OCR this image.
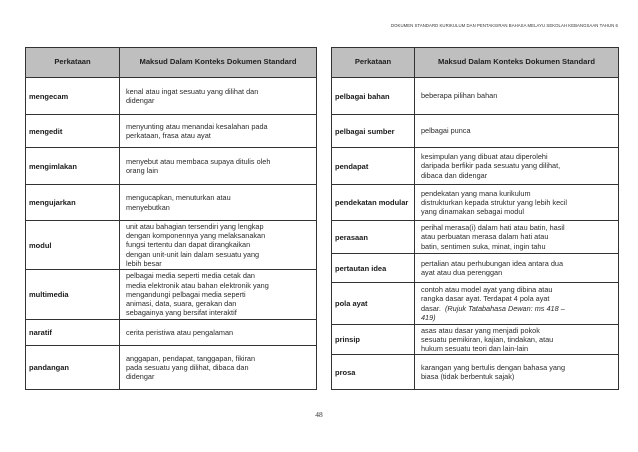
DOKUMEN STANDARD KURIKULUM DAN PENTAKSIRAN BAHASA MELAYU SEKOLAH KEBANGSAAN TAHUN 6
Perkataan	Maksud Dalam Konteks Dokumen Standard
mengecam	kenal atau ingat sesuatu yang dilihat dan
didengar

mengedit	menyunting atau menandai kesalahan pada
perkataan, frasa atau ayat

mengimlakan	menyebut atau membaca supaya ditulis oleh
orang lain

mengujarkan	mengucapkan, menuturkan atau
menyebutkan

modul	unit atau bahagian tersendiri yang lengkap
dengan komponennya yang melaksanakan
fungsi tertentu dan dapat dirangkaikan
dengan unit-unit lain dalam sesuatu yang
lebih besar

multimedia	pelbagai media seperti media cetak dan
media elektronik atau bahan elektronik yang
mengandungi pelbagai media seperti
animasi, data, suara, gerakan dan
sebagainya yang bersifat interaktif

naratif	cerita peristiwa atau pengalaman

pandangan	anggapan, pendapat, tanggapan, fikiran
pada sesuatu yang dilihat, dibaca dan
didengar
Perkataan	Maksud Dalam Konteks Dokumen Standard
pelbagai bahan	beberapa pilihan bahan

pelbagai sumber	pelbagai punca

pendapat	kesimpulan yang dibuat atau diperolehi
daripada berfikir pada sesuatu yang dilihat,
dibaca dan didengar

pendekatan modular	pendekatan yang mana kurikulum
distrukturkan kepada struktur yang lebih kecil
yang dinamakan sebagai modul

perasaan	perihal merasa(i) dalam hati atau batin, hasil
atau perbuatan merasa dalam hati atau
batin, sentimen suka, minat, ingin tahu

pertautan idea	pertalian atau perhubungan idea antara dua
ayat atau dua perenggan

pola ayat	contoh atau model ayat yang dibina atau
rangka dasar ayat. Terdapat 4 pola ayat
dasar. (Rujuk Tatabahasa Dewan: ms 418 –
419)

prinsip	asas atau dasar yang menjadi pokok
sesuatu pemikiran, kajian, tindakan, atau
hukum sesuatu teori dan lain-lain

prosa	karangan yang bertulis dengan bahasa yang
biasa (tidak berbentuk sajak)
48
